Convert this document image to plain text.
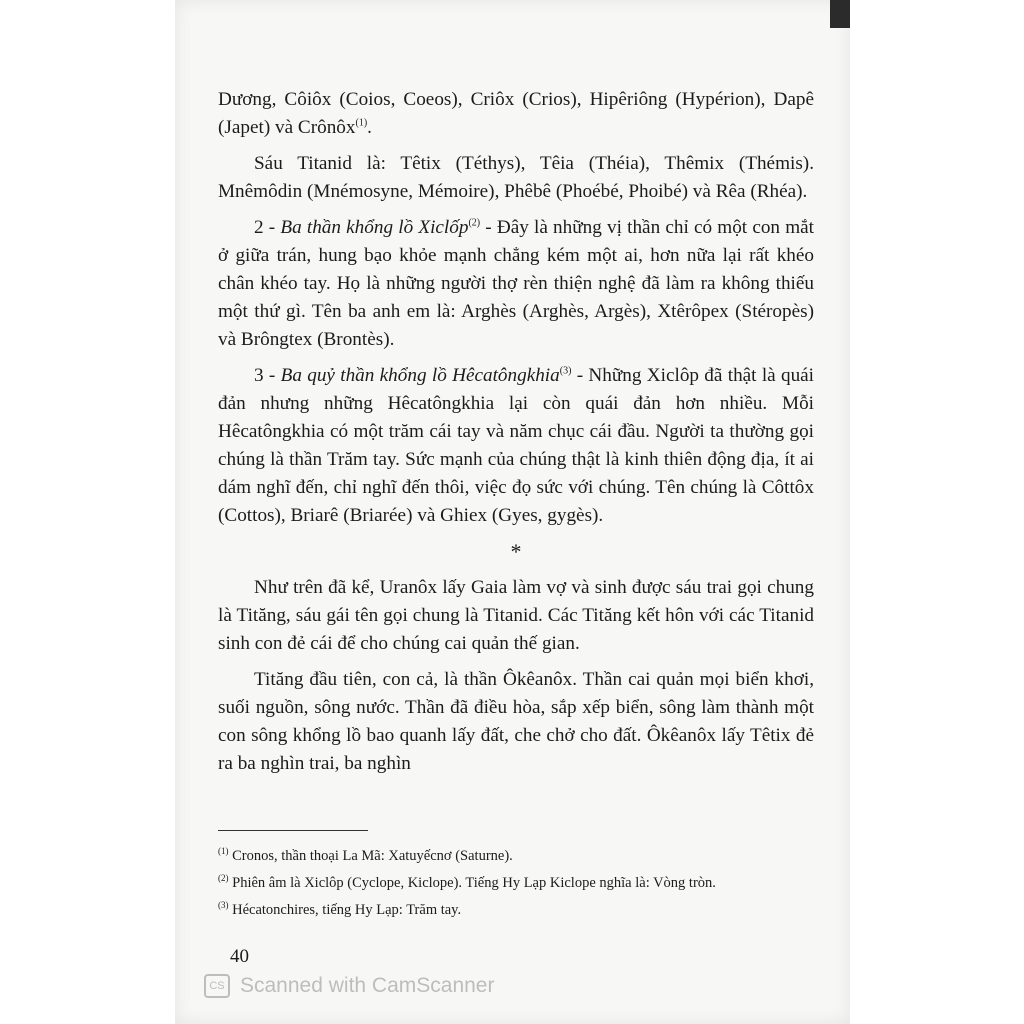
Dương, Côiôx (Coios, Coeos), Criôx (Crios), Hipêriông (Hypérion), Dapê (Japet) và Crônôx$^{(1)}$.

Sáu Titanid là: Têtix (Téthys), Têia (Théia), Thêmix (Thémis). Mnêmôdin (Mnémosyne, Mémoire), Phêbê (Phoébé, Phoibé) và Rêa (Rhéa).

2 - Ba thần khổng lồ Xiclốp$^{(2)}$ - Đây là những vị thần chỉ có một con mắt ở giữa trán, hung bạo khỏe mạnh chẳng kém một ai, hơn nữa lại rất khéo chân khéo tay. Họ là những người thợ rèn thiện nghệ đã làm ra không thiếu một thứ gì. Tên ba anh em là: Arghès (Arghès, Argès), Xtêrôpex (Stéropès) và Brôngtex (Brontès).

3 - Ba quỷ thần khổng lồ Hêcatôngkhia$^{(3)}$ - Những Xiclôp đã thật là quái đản nhưng những Hêcatôngkhia lại còn quái đản hơn nhiều. Mỗi Hêcatôngkhia có một trăm cái tay và năm chục cái đầu. Người ta thường gọi chúng là thần Trăm tay. Sức mạnh của chúng thật là kinh thiên động địa, ít ai dám nghĩ đến, chỉ nghĩ đến thôi, việc đọ sức với chúng. Tên chúng là Côttôx (Cottos), Briarê (Briarée) và Ghiex (Gyes, gygès).

*

Như trên đã kể, Uranôx lấy Gaia làm vợ và sinh được sáu trai gọi chung là Tităng, sáu gái tên gọi chung là Titanid. Các Tităng kết hôn với các Titanid sinh con đẻ cái để cho chúng cai quản thế gian.

Tităng đầu tiên, con cả, là thần Ôkêanôx. Thần cai quản mọi biển khơi, suối nguồn, sông nước. Thần đã điều hòa, sắp xếp biển, sông làm thành một con sông khổng lồ bao quanh lấy đất, che chở cho đất. Ôkêanôx lấy Têtix đẻ ra ba nghìn trai, ba nghìn

$^{(1)}$ Cronos, thần thoại La Mã: Xatuyếcnơ (Saturne).

$^{(2)}$ Phiên âm là Xiclôp (Cyclope, Kiclope). Tiếng Hy Lạp Kiclope nghĩa là: Vòng tròn.

$^{(3)}$ Hécatonchires, tiếng Hy Lạp: Trăm tay.

40
CS Scanned with CamScanner
